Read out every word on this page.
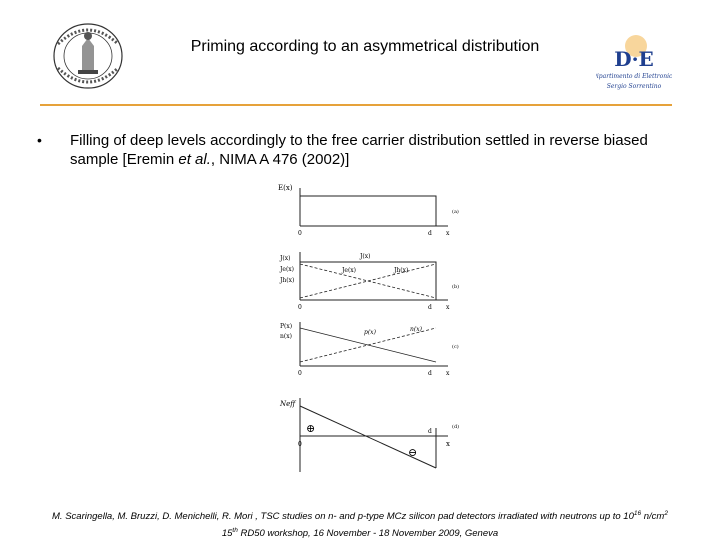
Priming according to an asymmetrical distribution
D·E
Dipartimento di Elettronica
Sergio Sorrentino
• Filling of deep levels accordingly to the free carrier distribution settled in reverse biased sample [Eremin et al., NIMA A 476 (2002)]
E(x)
(a)
0	d x
J(x)
Je(x)
Jh(x)
J(x)
Je(x)	Jh(x)
(b)
0	d x
P(x)
n(x)
p(x)	n(x)
(c)
0	d x
Neff
⊕
⊖
(d)
0
d
x
M. Scaringella, M. Bruzzi, D. Menichelli, R. Mori , TSC studies on n- and p-type MCz silicon pad detectors irradiated with neutrons up to $10^{16}$ $n/cm^2$
15th RD50 workshop, 16 November - 18 November 2009, Geneva
